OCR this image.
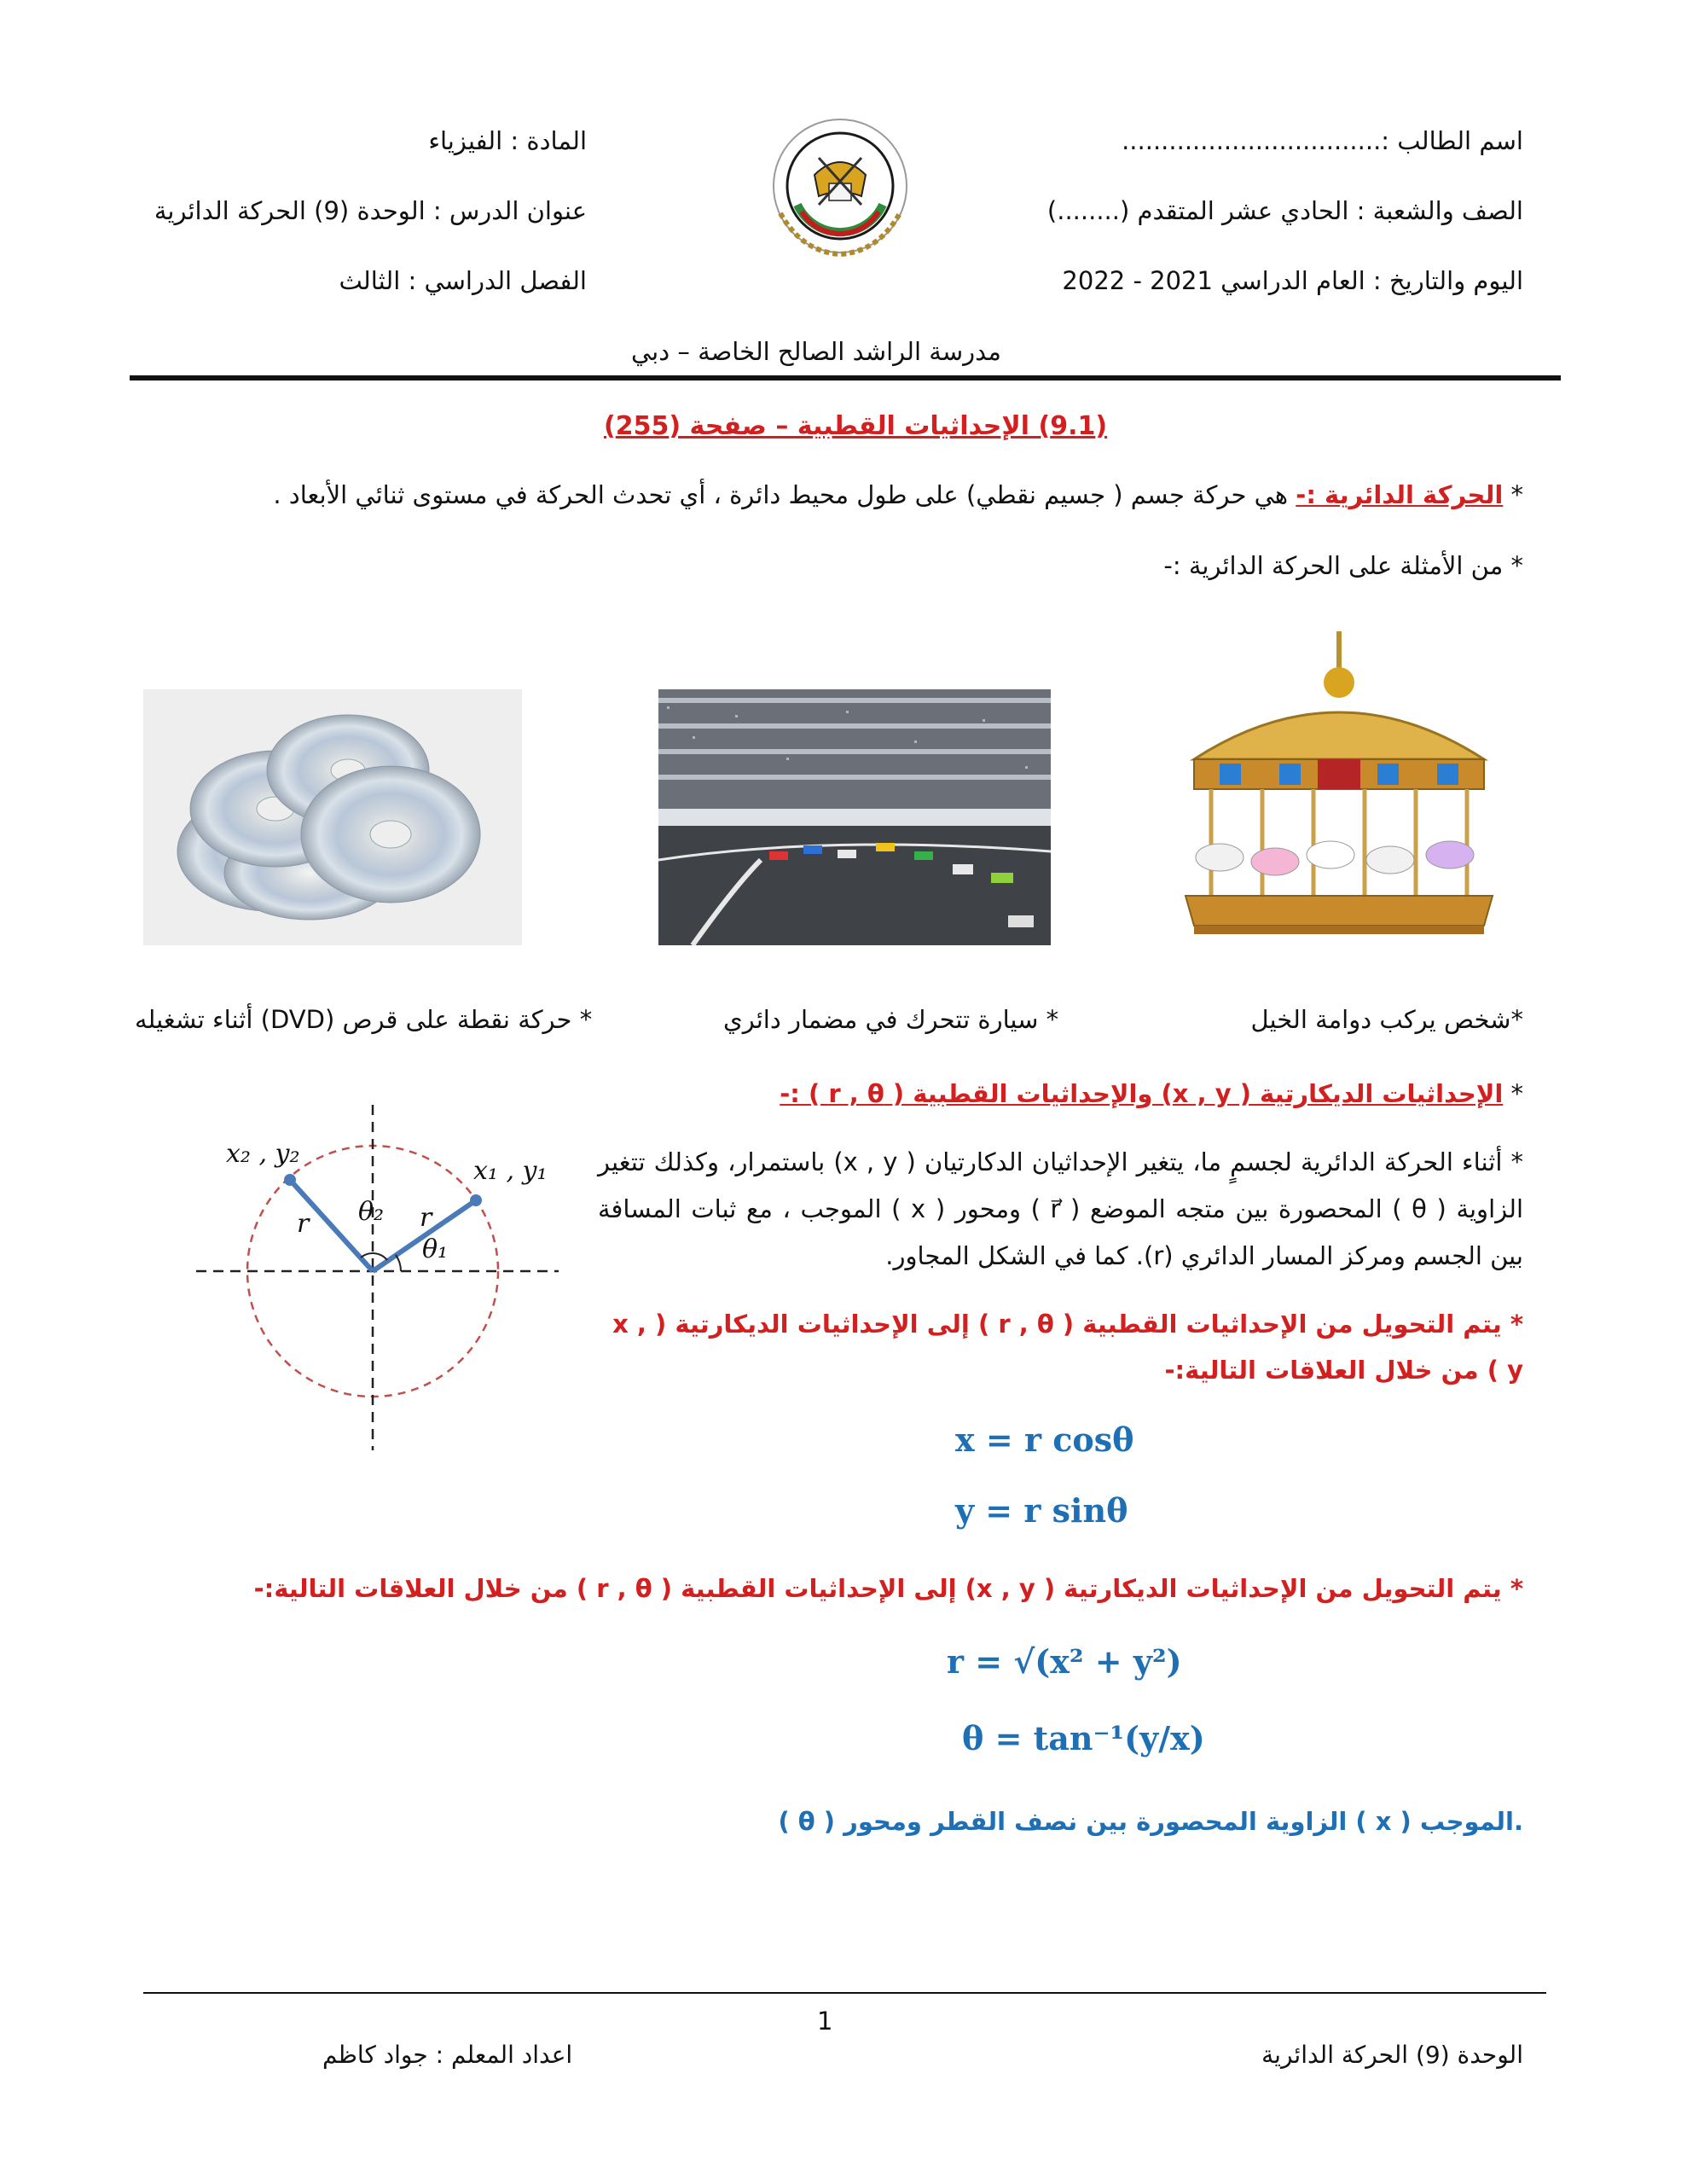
اسم الطالب :.................................
الصف والشعبة : الحادي عشر المتقدم (........)
اليوم والتاريخ : العام الدراسي 2021 - 2022
المادة : الفيزياء
عنوان الدرس : الوحدة (9) الحركة الدائرية
الفصل الدراسي : الثالث
مدرسة الراشد الصالح الخاصة – دبي
(9.1) الإحداثيات القطبية – صفحة (255)
* الحركة الدائرية :- هي حركة جسم ( جسيم نقطي) على طول محيط دائرة ، أي تحدث الحركة في مستوى ثنائي الأبعاد .
* من الأمثلة على الحركة الدائرية :-
*شخص يركب دوامة الخيل
* سيارة تتحرك في مضمار دائري
* حركة نقطة على قرص (DVD) أثناء تشغيله
* الإحداثيات الديكارتية ( x , y) والإحداثيات القطبية ( r , θ ) :-
* أثناء الحركة الدائرية لجسمٍ ما، يتغير الإحداثيان الدكارتيان ( x , y) باستمرار، وكذلك تتغير الزاوية ( θ ) المحصورة بين متجه الموضع ( r⃗ ) ومحور ( x ) الموجب ، مع ثبات المسافة بين الجسم ومركز المسار الدائري (r). كما في الشكل المجاور.
* يتم التحويل من الإحداثيات القطبية ( r , θ ) إلى الإحداثيات الديكارتية ( x , y ) من خلال العلاقات التالية:-
x = r cosθ
y = r sinθ
* يتم التحويل من الإحداثيات الديكارتية ( x , y) إلى الإحداثيات القطبية ( r , θ ) من خلال العلاقات التالية:-
r = √(x² + y²)
θ = tan⁻¹(y/x)
( θ ) الزاوية المحصورة بين نصف القطر ومحور ( x ) الموجب.
x₁ , y₁
x₂ , y₂
r
r
θ₁
θ₂
1
الوحدة (9) الحركة الدائرية
اعداد المعلم : جواد كاظم
